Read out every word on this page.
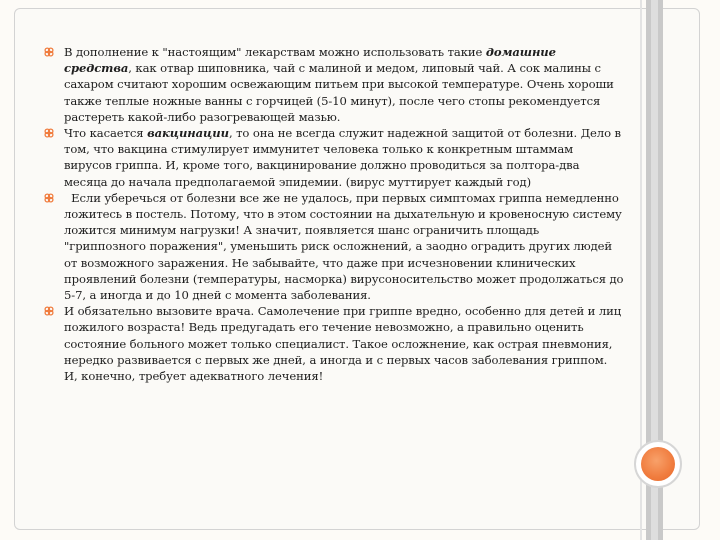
В дополнение к "настоящим" лекарствам можно использовать такие домашние средства, как отвар шиповника, чай с малиной и медом, липовый чай. А сок малины с сахаром считают хорошим освежающим питьем при высокой температуре. Очень хороши также теплые ножные ванны с горчицей (5-10 минут), после чего стопы рекомендуется растереть какой-либо разогревающей мазью.

Что касается вакцинации, то она не всегда служит надежной защитой от болезни. Дело в том, что вакцина стимулирует иммунитет человека только к конкретным штаммам вирусов гриппа. И, кроме того, вакцинирование должно проводиться за полтора-два месяца до начала предполагаемой эпидемии. (вирус муттирует каждый год)

Если уберечься от болезни все же не удалось, при первых симптомах гриппа немедленно ложитесь в постель. Потому, что в этом состоянии на дыхательную и кровеносную систему ложится минимум нагрузки! А значит, появляется шанс ограничить площадь "гриппозного поражения", уменьшить риск осложнений, а заодно оградить других людей от возможного заражения. Не забывайте, что даже при исчезновении клинических проявлений болезни (температуры, насморка) вирусоносительство может продолжаться до 5-7, а иногда и до 10 дней с момента заболевания.

И обязательно вызовите врача. Самолечение при гриппе вредно, особенно для детей и лиц пожилого возраста! Ведь предугадать его течение невозможно, а правильно оценить состояние больного может только специалист. Такое осложнение, как острая пневмония, нередко развивается с первых же дней, а иногда и с первых часов заболевания гриппом. И, конечно, требует адекватного лечения!
